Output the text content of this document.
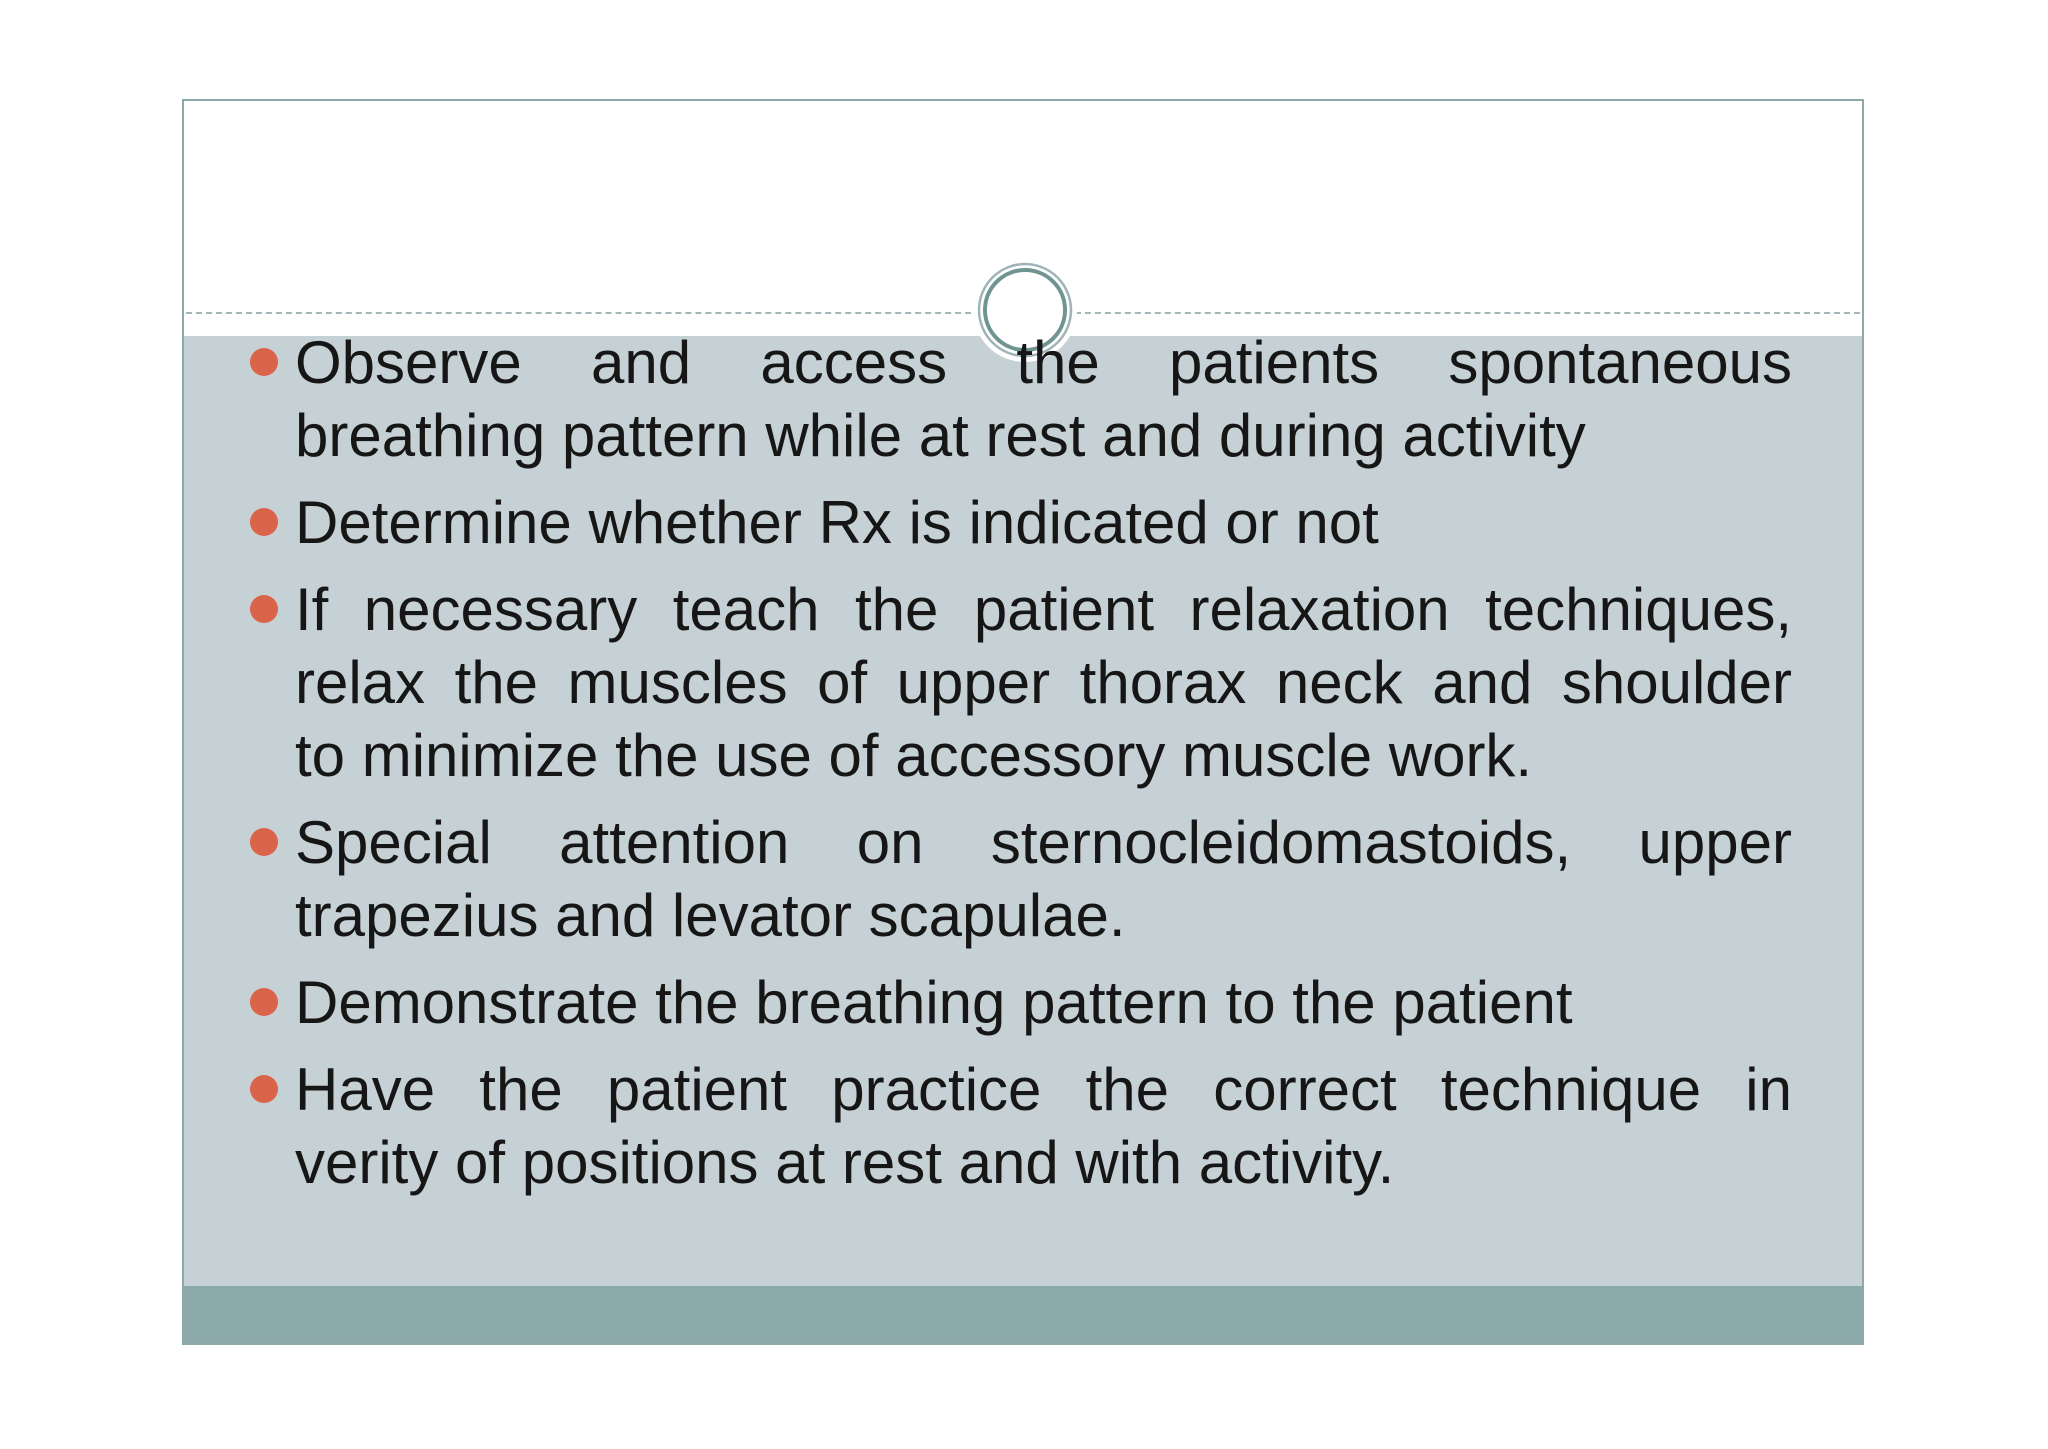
Observe and access the patients spontaneous
breathing pattern while at rest and during activity
Determine whether Rx is indicated or not
If necessary teach the patient relaxation techniques,
relax the muscles of upper thorax neck and shoulder
to minimize the use of accessory muscle work.
Special attention on sternocleidomastoids, upper
trapezius and levator scapulae.
Demonstrate the breathing pattern to the patient
Have the patient practice the correct technique in
verity of positions at rest and with activity.
